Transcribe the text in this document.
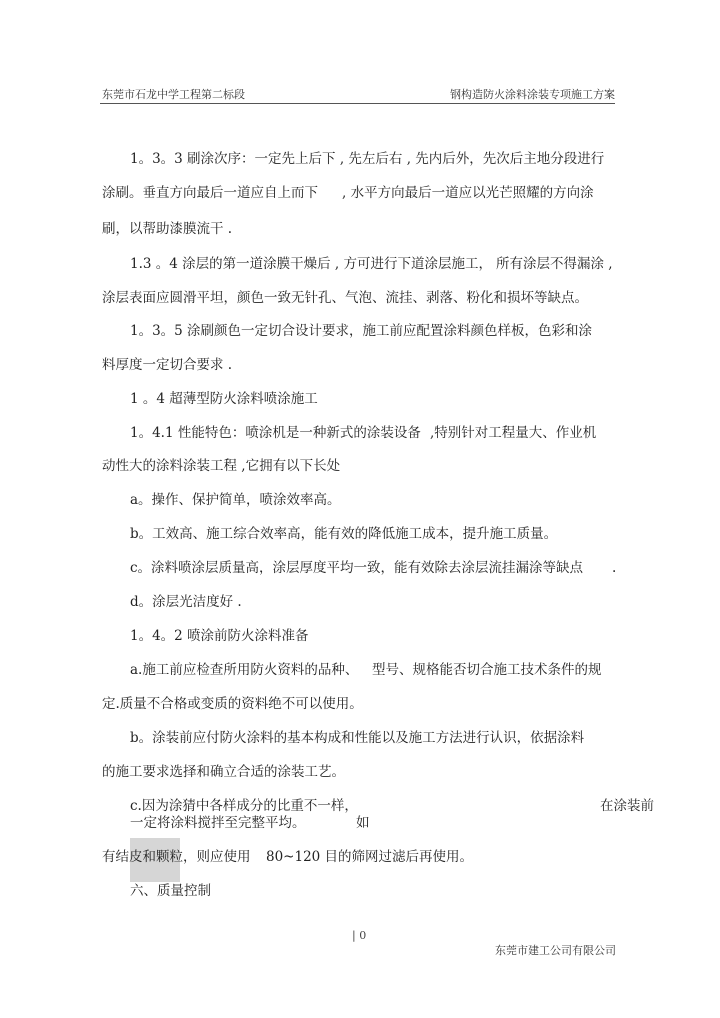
东莞市石龙中学工程第二标段	钢构造防火涂料涂装专项施工方案
1。3。3 刷涂次序：一定先上后下 , 先左后右 , 先内后外，先次后主地分段进行
涂刷。垂直方向最后一道应自上而下 , 水平方向最后一道应以光芒照耀的方向涂
刷，以帮助漆膜流干 .
1.3 。4 涂层的第一道涂膜干燥后 , 方可进行下道涂层施工， 所有涂层不得漏涂 ,
涂层表面应圆滑平坦，颜色一致无针孔、气泡、流挂、剥落、粉化和损坏等缺点。
1。3。5 涂刷颜色一定切合设计要求，施工前应配置涂料颜色样板，色彩和涂
料厚度一定切合要求 .
1 。4 超薄型防火涂料喷涂施工
1。4.1 性能特色：喷涂机是一种新式的涂装设备 ,特别针对工程量大、作业机
动性大的涂料涂装工程 ,它拥有以下长处
a。操作、保护简单，喷涂效率高。
b。工效高、施工综合效率高，能有效的降低施工成本，提升施工质量。
c。涂料喷涂层质量高，涂层厚度平均一致，能有效除去涂层流挂漏涂等缺点 .
d。涂层光洁度好 .
1。4。2 喷涂前防火涂料准备
a.施工前应检查所用防火资料的品种、 型号、规格能否切合施工技术条件的规
定.质量不合格或变质的资料绝不可以使用。
b。涂装前应付防火涂料的基本构成和性能以及施工方法进行认识，依据涂料
的施工要求选择和确立合适的涂装工艺。
c.因为涂猜中各样成分的比重不一样，	在涂装前
一定将涂料搅拌至完整平均。	如
有结皮和颗粒，则应使用 80~120 目的筛网过滤后再使用。
六、质量控制
| 0
东莞市建工公司有限公司
